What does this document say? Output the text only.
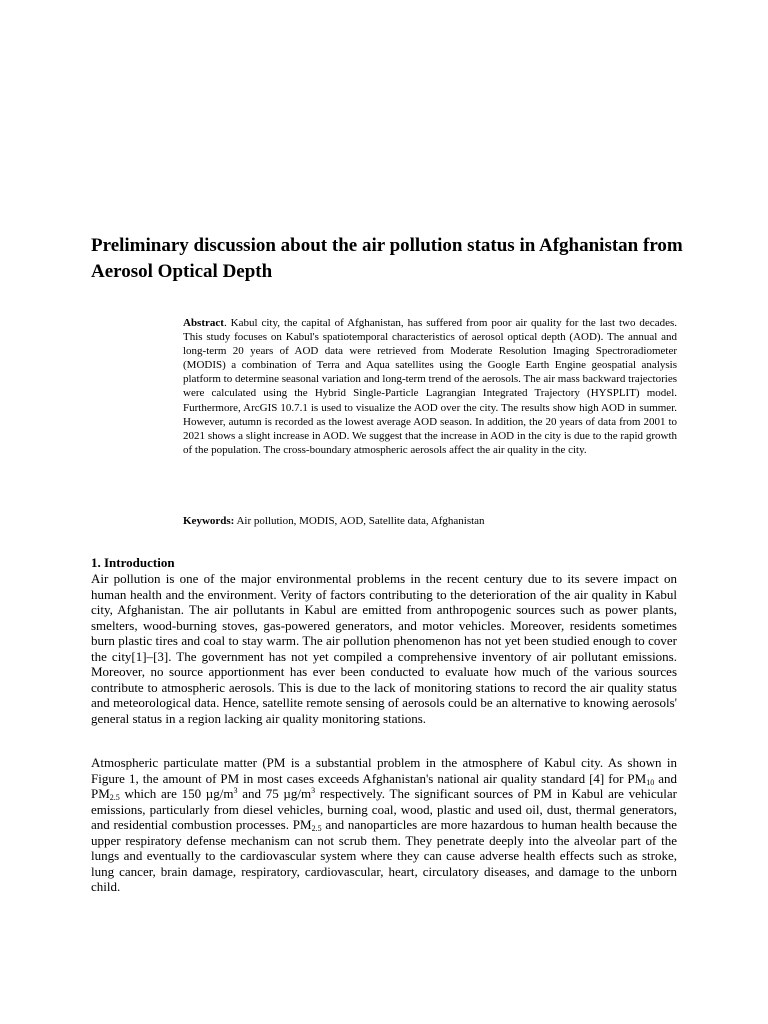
Preliminary discussion about the air pollution status in Afghanistan from Aerosol Optical Depth

Abstract. Kabul city, the capital of Afghanistan, has suffered from poor air quality for the last two decades. This study focuses on Kabul's spatiotemporal characteristics of aerosol optical depth (AOD). The annual and long-term 20 years of AOD data were retrieved from Moderate Resolution Imaging Spectroradiometer (MODIS) a combination of Terra and Aqua satellites using the Google Earth Engine geospatial analysis platform to determine seasonal variation and long-term trend of the aerosols. The air mass backward trajectories were calculated using the Hybrid Single-Particle Lagrangian Integrated Trajectory (HYSPLIT) model. Furthermore, ArcGIS 10.7.1 is used to visualize the AOD over the city. The results show high AOD in summer. However, autumn is recorded as the lowest average AOD season. In addition, the 20 years of data from 2001 to 2021 shows a slight increase in AOD. We suggest that the increase in AOD in the city is due to the rapid growth of the population. The cross-boundary atmospheric aerosols affect the air quality in the city.

Keywords: Air pollution, MODIS, AOD, Satellite data, Afghanistan

1. Introduction

Air pollution is one of the major environmental problems in the recent century due to its severe impact on human health and the environment. Verity of factors contributing to the deterioration of the air quality in Kabul city, Afghanistan. The air pollutants in Kabul are emitted from anthropogenic sources such as power plants, smelters, wood-burning stoves, gas-powered generators, and motor vehicles. Moreover, residents sometimes burn plastic tires and coal to stay warm. The air pollution phenomenon has not yet been studied enough to cover the city[1]–[3]. The government has not yet compiled a comprehensive inventory of air pollutant emissions. Moreover, no source apportionment has ever been conducted to evaluate how much of the various sources contribute to atmospheric aerosols. This is due to the lack of monitoring stations to record the air quality status and meteorological data. Hence, satellite remote sensing of aerosols could be an alternative to knowing aerosols' general status in a region lacking air quality monitoring stations.

Atmospheric particulate matter (PM is a substantial problem in the atmosphere of Kabul city. As shown in Figure 1, the amount of PM in most cases exceeds Afghanistan's national air quality standard [4] for $PM_{10}$ and $PM_{2.5}$ which are 150 $\mu g/m^3$ and 75 $\mu g/m^3$ respectively. The significant sources of PM in Kabul are vehicular emissions, particularly from diesel vehicles, burning coal, wood, plastic and used oil, dust, thermal generators, and residential combustion processes. $PM_{2.5}$ and nanoparticles are more hazardous to human health because the upper respiratory defense mechanism can not scrub them. They penetrate deeply into the alveolar part of the lungs and eventually to the cardiovascular system where they can cause adverse health effects such as stroke, lung cancer, brain damage, respiratory, cardiovascular, heart, circulatory diseases, and damage to the unborn child.
